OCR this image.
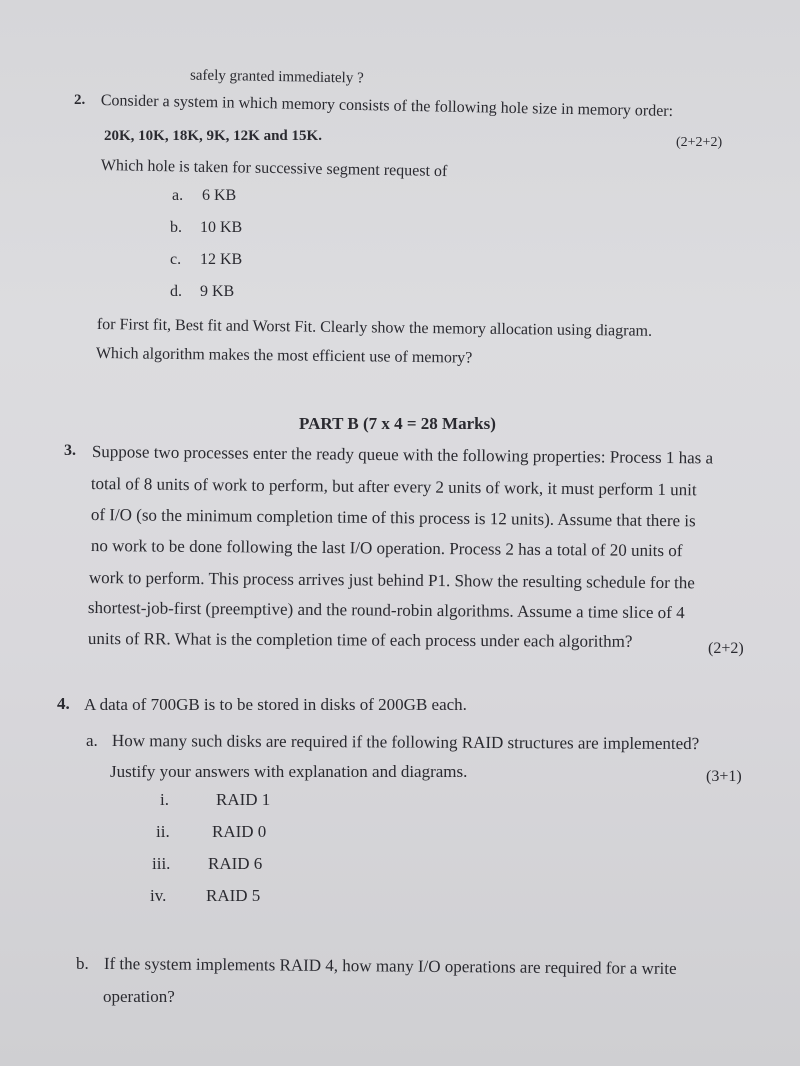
safely granted immediately ?
2. Consider a system in which memory consists of the following hole size in memory order:
20K, 10K, 18K, 9K, 12K and 15K.	(2+2+2)
Which hole is taken for successive segment request of
a. 6 KB
b. 10 KB
c. 12 KB
d. 9 KB
for First fit, Best fit and Worst Fit. Clearly show the memory allocation using diagram.
Which algorithm makes the most efficient use of memory?
PART B (7 x 4 = 28 Marks)
3. Suppose two processes enter the ready queue with the following properties: Process 1 has a
total of 8 units of work to perform, but after every 2 units of work, it must perform 1 unit
of I/O (so the minimum completion time of this process is 12 units). Assume that there is
no work to be done following the last I/O operation. Process 2 has a total of 20 units of
work to perform. This process arrives just behind P1. Show the resulting schedule for the
shortest-job-first (preemptive) and the round-robin algorithms. Assume a time slice of 4
units of RR. What is the completion time of each process under each algorithm?	(2+2)
4. A data of 700GB is to be stored in disks of 200GB each.
a. How many such disks are required if the following RAID structures are implemented?
Justify your answers with explanation and diagrams.	(3+1)
i.	RAID 1
ii. RAID 0
iii. RAID 6
iv. RAID 5
b. If the system implements RAID 4, how many I/O operations are required for a write
operation?
